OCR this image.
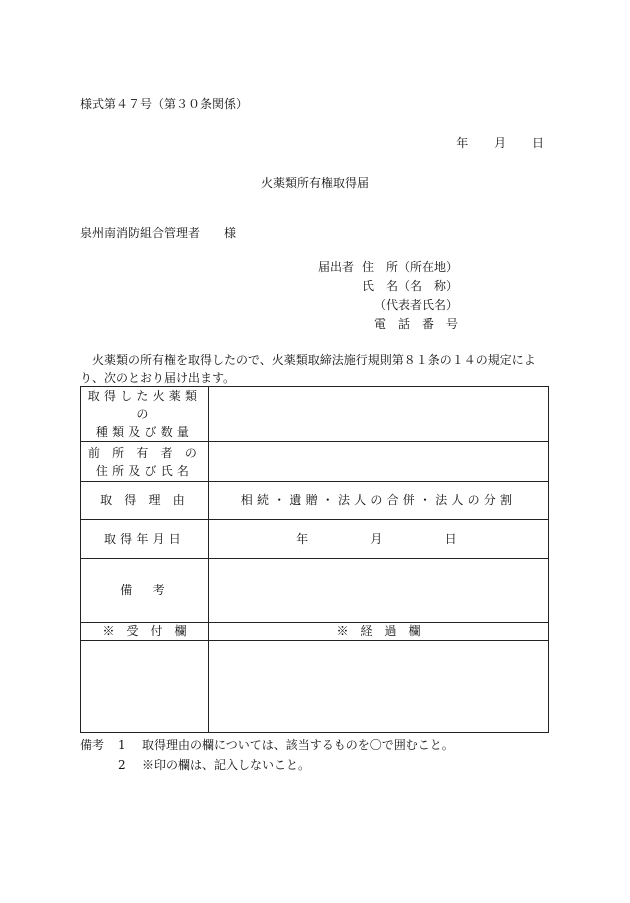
様式第４７号（第３０条関係）
年 月 日
火薬類所有権取得届
泉州南消防組合管理者　　様
届出者 住　所（所在地）
氏　名（名　称）
（代表者氏名）
電　話　番　号
火薬類の所有権を取得したので、火薬類取締法施行規則第８１条の１４の規定により、次のとおり届け出ます。
取得した火薬類
の
種類及び数量	

前 所 有 者 の
住所及び氏名	

取 得 理 由	相続・遺贈・法人の合併・法人の分割
取得年月日	年 月 日
備　考	
※　受　付　欄	※　経　過　欄

備考 1 取得理由の欄については、該当するものを〇で囲むこと。
2 ※印の欄は、記入しないこと。
